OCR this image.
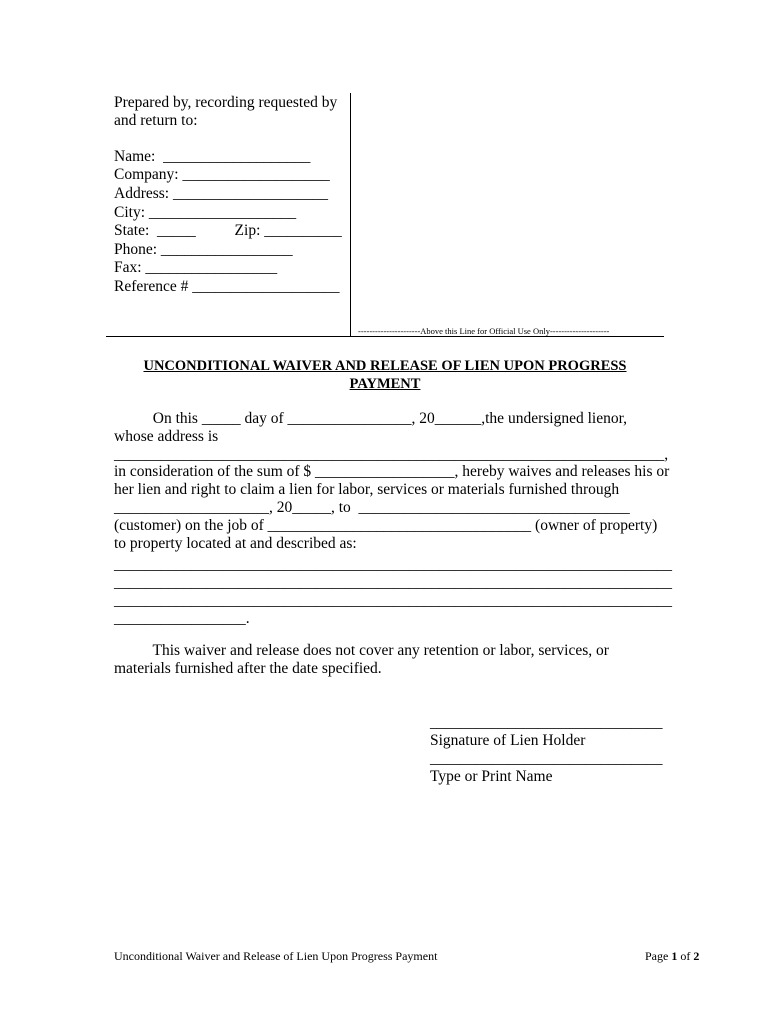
Prepared by, recording requested by
and return to:
Name:  ___________________
Company: ___________________
Address: ____________________
City: ___________________
State:  _____          Zip: __________
Phone: _________________
Fax: _________________
Reference # ___________________
----------------------Above this Line for Official Use Only---------------------
UNCONDITIONAL WAIVER AND RELEASE OF LIEN UPON PROGRESS
PAYMENT
On this _____ day of ________________, 20______,the undersigned lienor,
whose address is
_______________________________________________________________________,
in consideration of the sum of $ __________________, hereby waives and releases his or
her lien and right to claim a lien for labor, services or materials furnished through
____________________, 20_____, to  ___________________________________
(customer) on the job of __________________________________ (owner of property)
to property located at and described as:
________________________________________________________________________
________________________________________________________________________
________________________________________________________________________
_________________.
This waiver and release does not cover any retention or labor, services, or
materials furnished after the date specified.
______________________________
Signature of Lien Holder
______________________________
Type or Print Name
Unconditional Waiver and Release of Lien Upon Progress Payment	Page 1 of 2
